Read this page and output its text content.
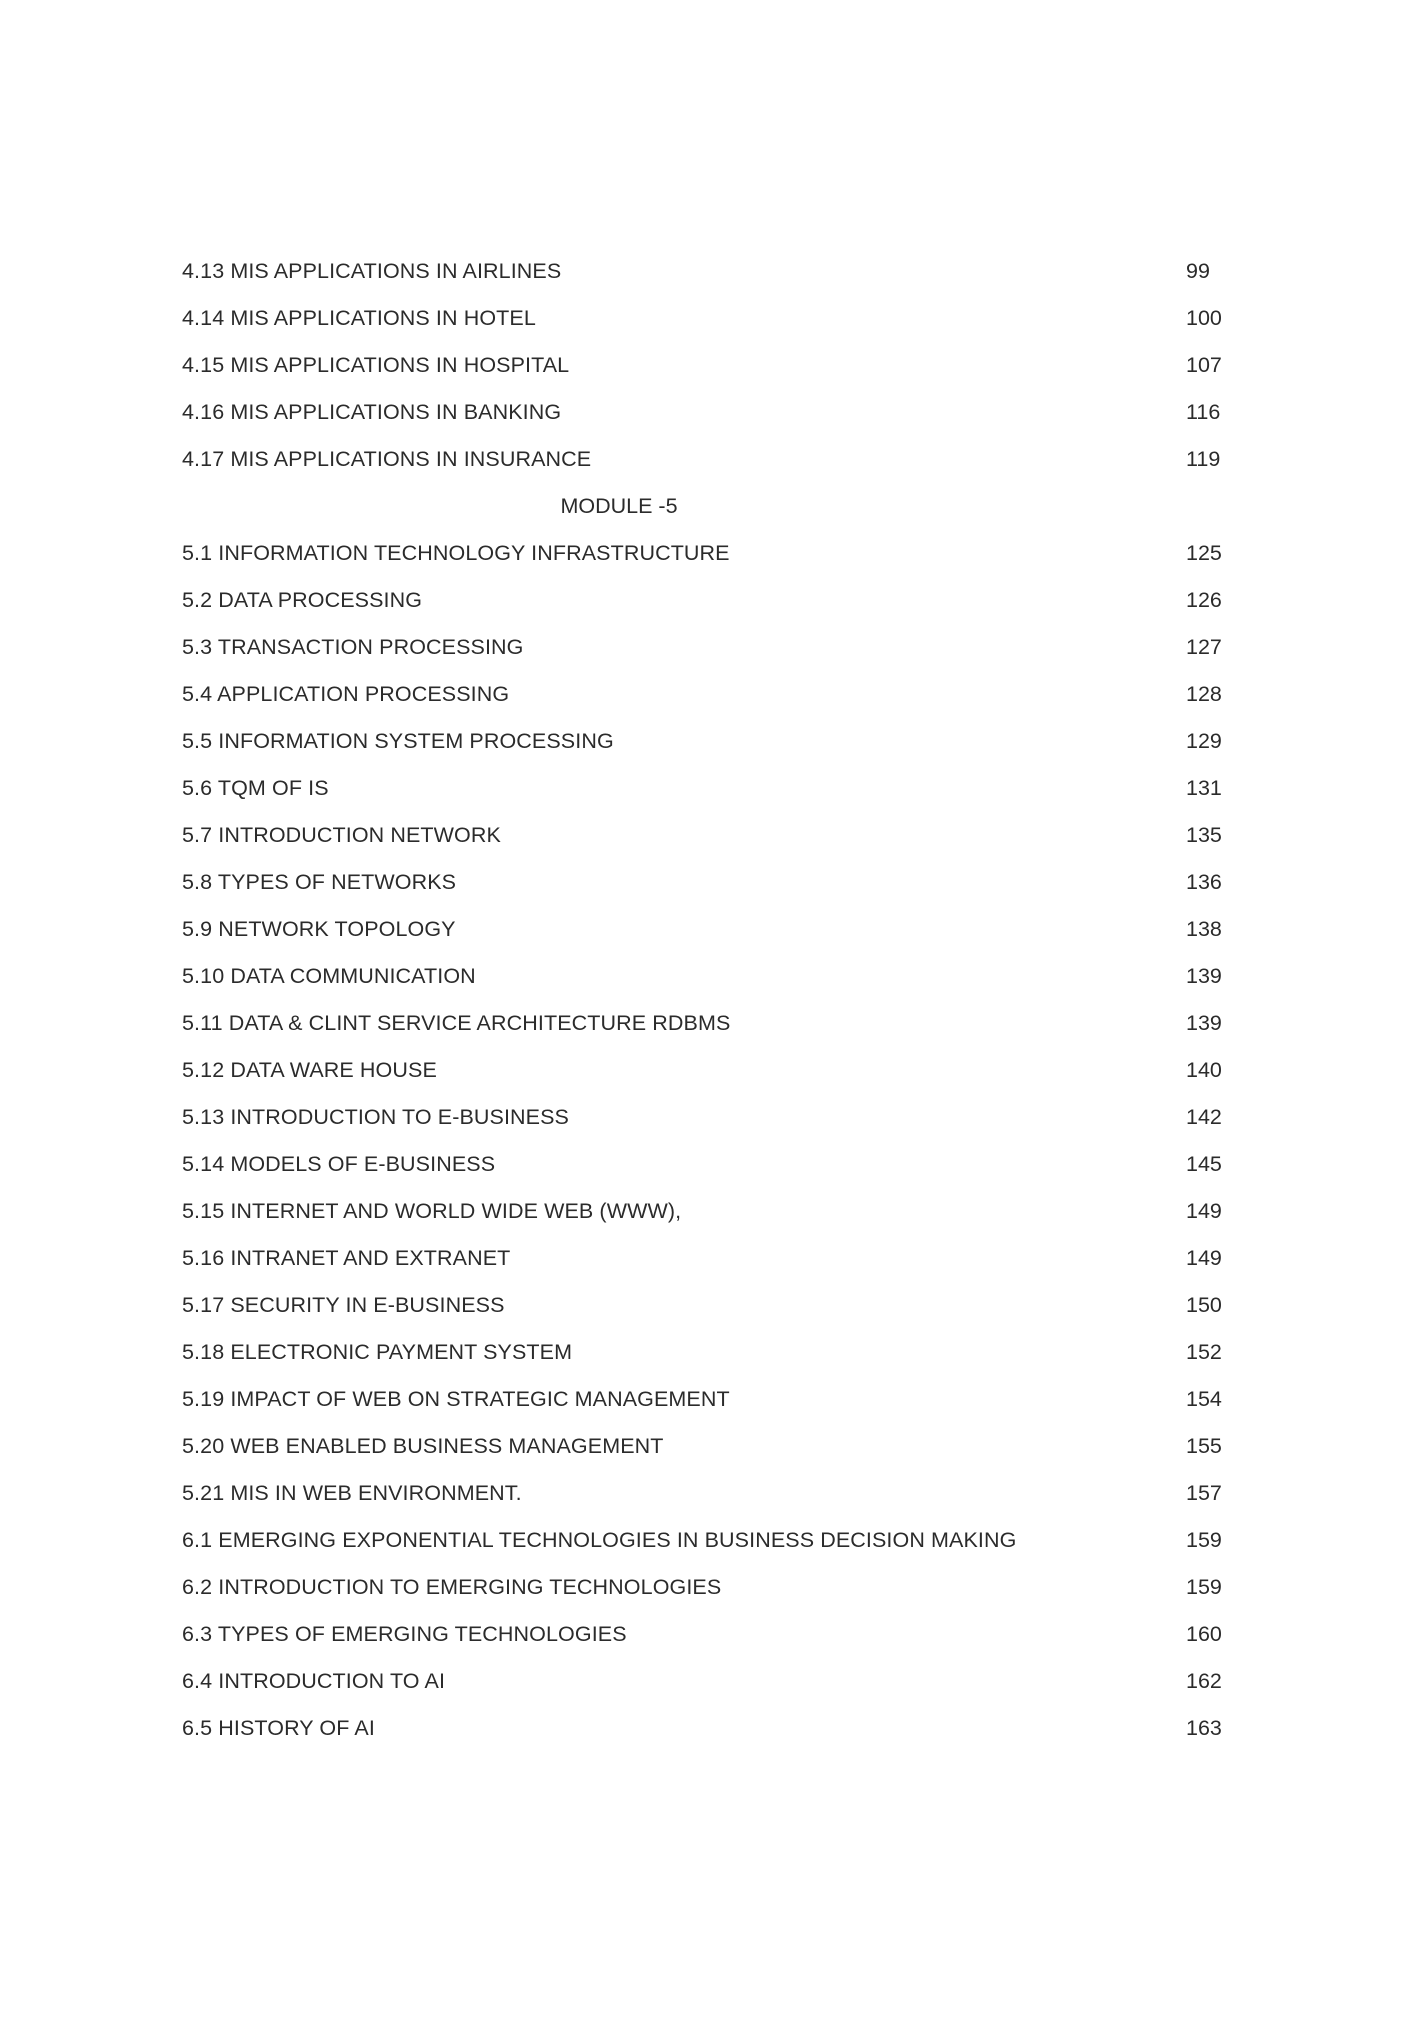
4.13 MIS APPLICATIONS IN AIRLINES	99
4.14 MIS APPLICATIONS IN HOTEL	100
4.15 MIS APPLICATIONS IN HOSPITAL	107
4.16 MIS APPLICATIONS IN BANKING	116
4.17 MIS APPLICATIONS IN INSURANCE	119
MODULE -5
5.1 INFORMATION TECHNOLOGY INFRASTRUCTURE	125
5.2 DATA PROCESSING	126
5.3 TRANSACTION PROCESSING	127
5.4 APPLICATION PROCESSING	128
5.5 INFORMATION SYSTEM PROCESSING	129
5.6 TQM OF IS	131
5.7 INTRODUCTION NETWORK	135
5.8 TYPES OF NETWORKS	136
5.9 NETWORK TOPOLOGY	138
5.10 DATA COMMUNICATION	139
5.11 DATA & CLINT SERVICE ARCHITECTURE RDBMS	139
5.12 DATA WARE HOUSE	140
5.13 INTRODUCTION TO E-BUSINESS	142
5.14 MODELS OF E-BUSINESS	145
5.15 INTERNET AND WORLD WIDE WEB (WWW),	149
5.16 INTRANET AND EXTRANET	149
5.17 SECURITY IN E-BUSINESS	150
5.18 ELECTRONIC PAYMENT SYSTEM	152
5.19 IMPACT OF WEB ON STRATEGIC MANAGEMENT	154
5.20 WEB ENABLED BUSINESS MANAGEMENT	155
5.21 MIS IN WEB ENVIRONMENT.	157
6.1 EMERGING EXPONENTIAL TECHNOLOGIES IN BUSINESS DECISION MAKING	159
6.2 INTRODUCTION TO EMERGING TECHNOLOGIES	159
6.3 TYPES OF EMERGING TECHNOLOGIES	160
6.4 INTRODUCTION TO AI	162
6.5 HISTORY OF AI	163
